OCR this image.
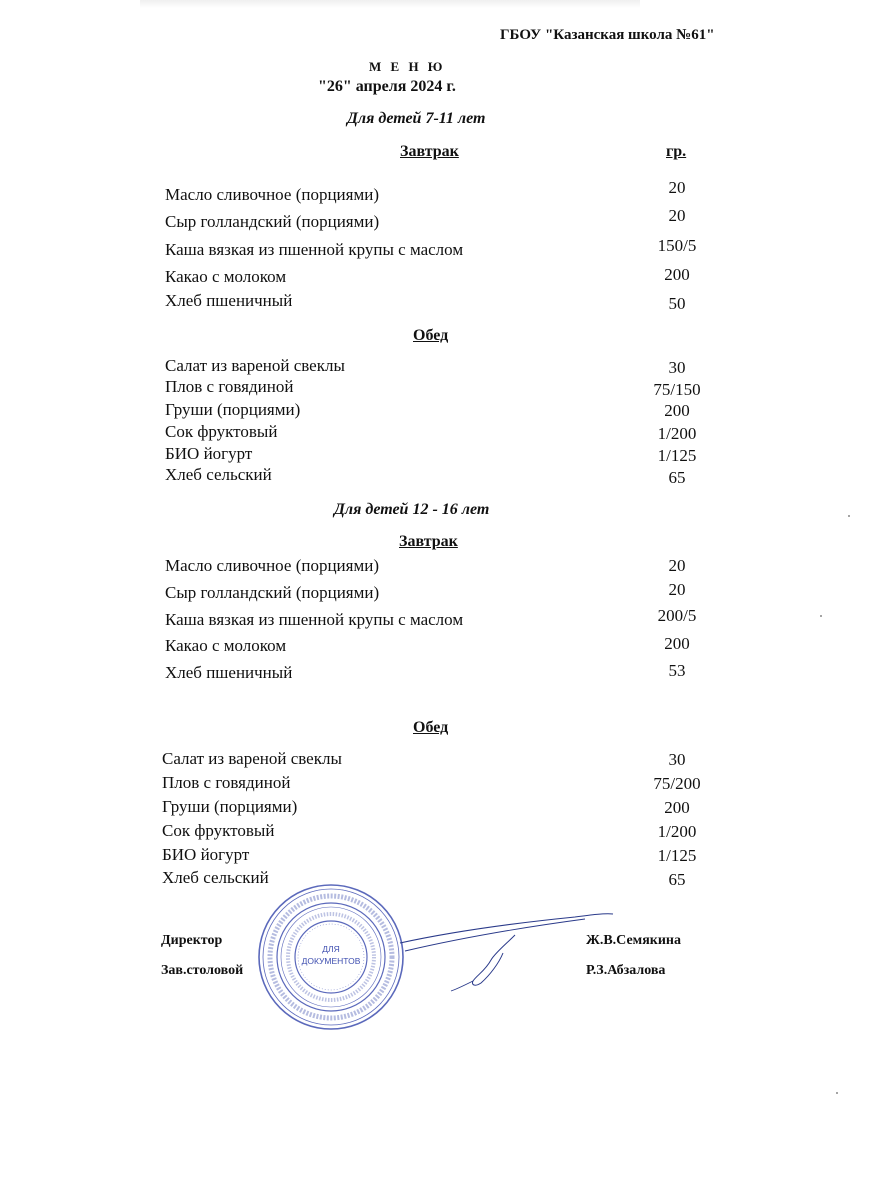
ГБОУ "Казанская школа №61"
М Е Н Ю
"26" апреля 2024 г.
Для детей 7-11 лет
Завтрак	гр.
Масло сливочное (порциями)	20
Сыр голландский (порциями)	20
Каша вязкая из пшенной крупы с маслом	150/5
Какао с молоком	200
Хлеб пшеничный	50
Обед
Салат из вареной свеклы	30
Плов с говядиной	75/150
Груши (порциями)	200
Сок фруктовый	1/200
БИО йогурт	1/125
Хлеб сельский	65
Для детей 12 - 16 лет
Завтрак
Масло сливочное (порциями)	20
Сыр голландский (порциями)	20
Каша вязкая из пшенной крупы с маслом	200/5
Какао с молоком	200
Хлеб пшеничный	53
Обед
Салат из вареной свеклы	30
Плов с говядиной	75/200
Груши (порциями)	200
Сок фруктовый	1/200
БИО йогурт	1/125
Хлеб сельский	65
Директор	Ж.В.Семякина
Зав.столовой	Р.З.Абзалова
ДЛЯ
ДОКУМЕНТОВ
